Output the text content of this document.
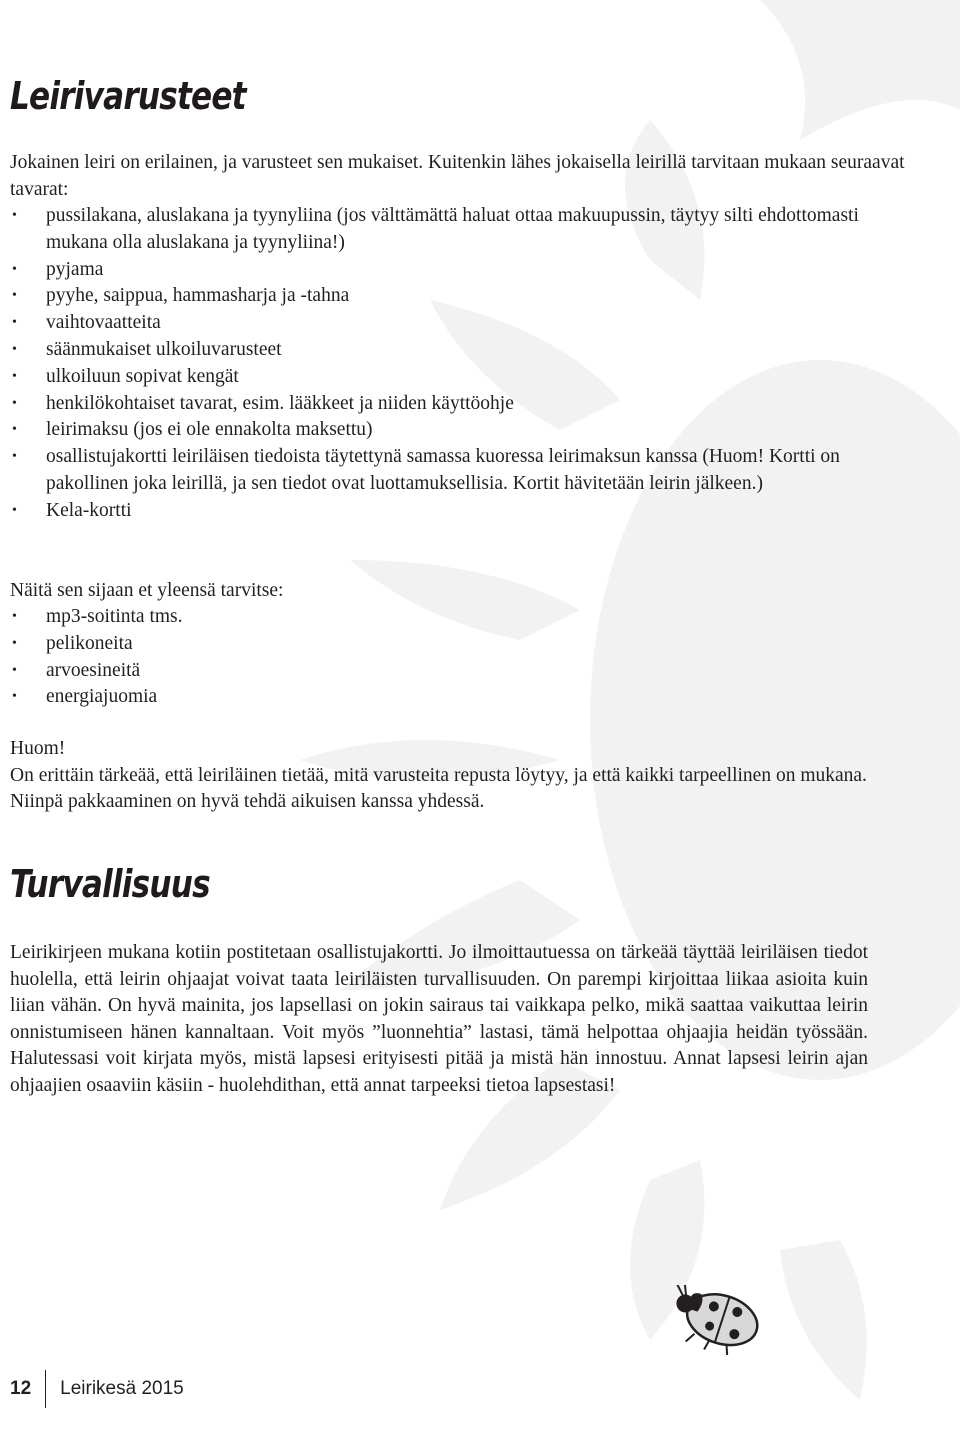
Leirivarusteet

Jokainen leiri on erilainen, ja varusteet sen mukaiset. Kuitenkin lähes jokaisella leirillä tarvitaan mukaan seuraavat tavarat:

• pussilakana, aluslakana ja tyynyliina (jos välttämättä haluat ottaa makuupussin, täytyy silti ehdottomasti mukana olla aluslakana ja tyynyliina!)
• pyjama
• pyyhe, saippua, hammasharja ja -tahna
• vaihtovaatteita
• säänmukaiset ulkoiluvarusteet
• ulkoiluun sopivat kengät
• henkilökohtaiset tavarat, esim. lääkkeet ja niiden käyttöohje
• leirimaksu (jos ei ole ennakolta maksettu)
• osallistujakortti leiriläisen tiedoista täytettynä samassa kuoressa leirimaksun kanssa (Huom! Kortti on pakollinen joka leirillä, ja sen tiedot ovat luottamuksellisia. Kortit hävitetään leirin jälkeen.)
• Kela-kortti

Näitä sen sijaan et yleensä tarvitse:

• mp3-soitinta tms.
• pelikoneita
• arvoesineitä
• energiajuomia
Huom!
On erittäin tärkeää, että leiriläinen tietää, mitä varusteita repusta löytyy, ja että kaikki tarpeellinen on mukana. Niinpä pakkaaminen on hyvä tehdä aikuisen kanssa yhdessä.
Turvallisuus

Leirikirjeen mukana kotiin postitetaan osallistujakortti. Jo ilmoittautuessa on tärkeää täyttää leiriläisen tiedot huolella, että leirin ohjaajat voivat taata leiriläisten turvallisuuden. On parempi kirjoittaa liikaa asioita kuin liian vähän. On hyvä mainita, jos lapsellasi on jokin sairaus tai vaikkapa pelko, mikä saattaa vaikuttaa leirin onnistumiseen hänen kannaltaan. Voit myös ”luonnehtia” lastasi, tämä helpottaa ohjaajia heidän työssään. Halutessasi voit kirjata myös, mistä lapsesi erityisesti pitää ja mistä hän innostuu. Annat lapsesi leirin ajan ohjaajien osaaviin käsiin - huolehdithan, että annat tarpeeksi tietoa lapsestasi!

12	Leirikesä 2015
